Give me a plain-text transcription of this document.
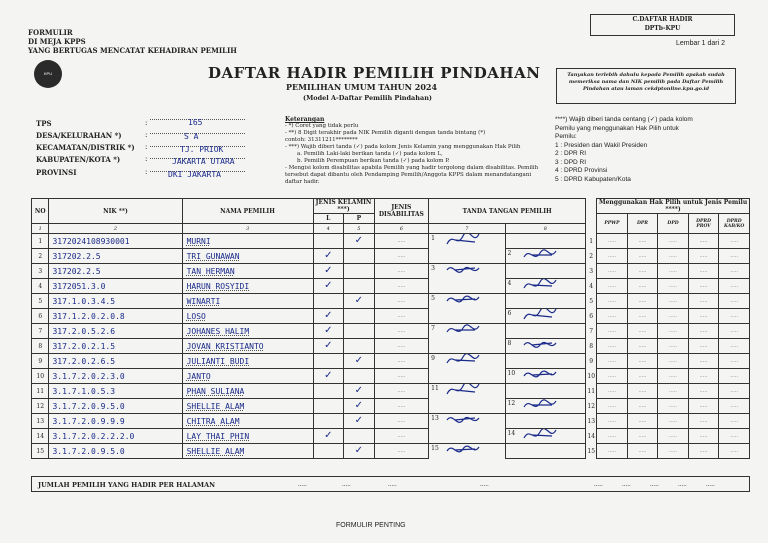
FORMULIR
DI MEJA KPPS
YANG BERTUGAS MENCATAT KEHADIRAN PEMILIH
C.DAFTAR HADIR
DPTb-KPU
Lembar 1 dari 2
KPU	DAFTAR HADIR PEMILIH PINDAHAN
PEMILIHAN UMUM TAHUN 2024
(Model A-Daftar Pemilih Pindahan)
Tanyakan terlebih dahulu kepada Pemilih apakah sudah memeriksa nama dan NIK pemilih pada Daftar Pemilih Pindahan atau laman cekdptonline.kpu.go.id
TPS	:	165
DESA/KELURAHAN *)	:	S A
KECAMATAN/DISTRIK *) :	TJ. PRIOK
KABUPATEN/KOTA *)	:	JAKARTA UTARA
PROVINSI	:	DKI JAKARTA
Keterangan
- *) Coret yang tidak perlu
- **) 8 Digit terakhir pada NIK Pemilih diganti dengan tanda bintang (*)
contoh: 31311211********
- ***) Wajib diberi tanda (✓) pada kolom Jenis Kelamin yang menggunakan Hak Pilih
a. Pemilih Laki-laki berikan tanda (✓) pada kolom L,
b. Pemilih Perempuan berikan tanda (✓) pada kolom P.
- Mengisi kolom disabilitas apabila Pemilih yang hadir tergolong dalam disabilitas. Pemilih
tersebut dapat dibantu oleh Pendamping Pemilih/Anggota KPPS dalam menandatangani
daftar hadir.
****) Wajib diberi tanda centang (✓) pada kolom
Pemilu yang menggunakan Hak Pilih untuk
Pemilu:
1 : Presiden dan Wakil Presiden
2 : DPR RI
3 : DPD RI
4 : DPRD Provinsi
5 : DPRD Kabupaten/Kota
NO	NIK **)	NAMA PEMILIH	JENIS KELAMIN ***)		JENIS DISABILITAS	TANDA TANGAN PEMILIH			Menggunakan Hak Pilih untuk Jenis Pemilu ****)				
			L	P					PPWP	DPR	DPD	DPRD PROV	DPRD KAB/KO
1	2	3	4	5	6	7	8						
1	3172024108930001	MURNI		✓	.....	1		1	.....	.....	.....	.....	.....
2	317202.2.5	TRI GUNAWAN	✓		.....		2	2	.....	.....	.....	.....	.....
3	317202.2.5	TAN HERMAN	✓		.....	3		3	.....	.....	.....	.....	.....
4	3172051.3.0	HARUN ROSYIDI	✓		.....		4	4	.....	.....	.....	.....	.....
5	317.1.0.3.4.5	WINARTI		✓	.....	5		5	.....	.....	.....	.....	.....
6	317.1.2.0.2.0.8	LOSO	✓		.....		6	6	.....	.....	.....	.....	.....
7	317.2.0.5.2.6	JOHANES HALIM	✓		.....	7		7	.....	.....	.....	.....	.....
8	317.2.0.2.1.5	JOVAN KRISTIANTO	✓		.....		8	8	.....	.....	.....	.....	.....
9	317.2.0.2.6.5	JULIANTI BUDI		✓	.....	9		9	.....	.....	.....	.....	.....
10	3.1.7.2.0.2.3.0	JANTO	✓		.....		10	10	.....	.....	.....	.....	.....
11	3.1.7.1.0.5.3	PHAN SULIANA		✓	.....	11		11	.....	.....	.....	.....	.....
12	3.1.7.2.0.9.5.0	SHELLIE ALAM		✓	.....		12	12	.....	.....	.....	.....	.....
13	3.1.7.2.0.9.9.9	CHITRA ALAM		✓	.....	13		13	.....	.....	.....	.....	.....
14	3.1.7.2.0.2.2.2.0	LAY THAI PHIN	✓		.....		14	14	.....	.....	.....	.....	.....
15	3.1.7.2.0.9.5.0	SHELLIE ALAM		✓	.....	15		15	.....	.....	.....	.....	.....
JUMLAH PEMILIH YANG HADIR PER HALAMAN	.....	.....	.....	.....	.....	.....	.....	.....	.....
FORMULIR PENTING
